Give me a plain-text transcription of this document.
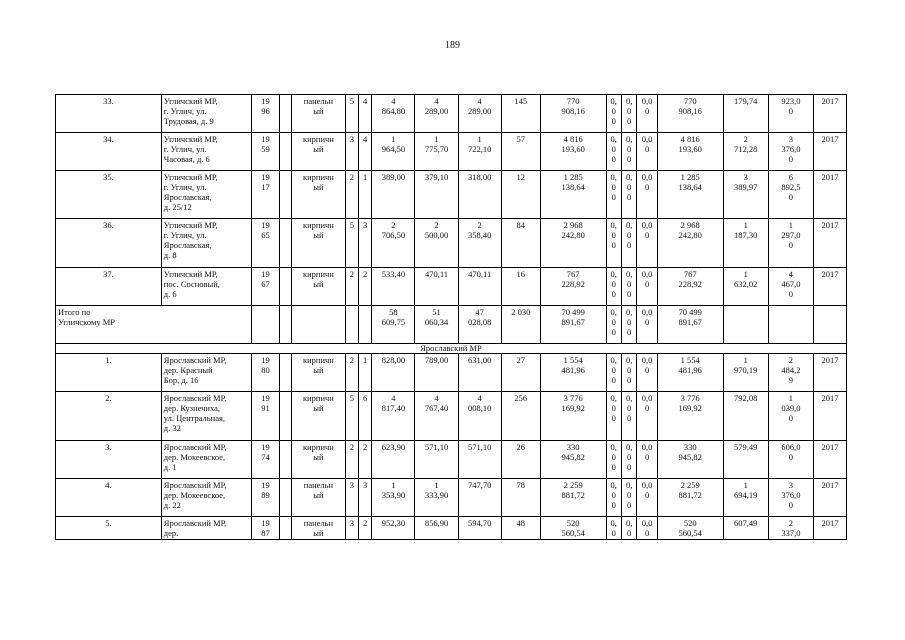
189
33.	Угличский МР,
г. Углич, ул.
Трудовая, д. 9	19
96		панельн
ый	5	4	4
864,80	4
289,00	4
289,00	145	770
908,16	0,
0
0	0,
0
0	0,0
0	770
908,16	179,74	923,0
0	2017
34.	Угличский МР,
г. Углич, ул.
Часовая, д. 6	19
59		кирпичн
ый	3	4	1
964,50	1
775,70	1
722,10	57	4 816
193,60	0,
0
0	0,
0
0	0,0
0	4 816
193,60	2
712,28	3
376,0
0	2017
35.	Угличский МР,
г. Углич, ул.
Ярославская,
д. 25/12	19
17		кирпичн
ый	2	1	389,00	379,10	318,00	12	1 285
138,64	0,
0
0	0,
0
0	0,0
0	1 285
138,64	3
389,97	6
892,5
0	2017
36.	Угличский МР,
г. Углич, ул.
Ярославская,
д. 8	19
65		кирпичн
ый	5	3	2
706,50	2
500,00	2
358,40	84	2 968
242,80	0,
0
0	0,
0
0	0,0
0	2 968
242,80	1
187,30	1
297,0
0	2017
37.	Угличский МР,
пос. Сосновый,
д. 6	19
67		кирпичн
ый	2	2	533,40	470,11	470,11	16	767
228,92	0,
0
0	0,
0
0	0,0
0	767
228,92	1
632,02	4
467,0
0	2017
Итого по
Угличскому МР							58
609,75	51
060,34	47
028,08	2 030	70 499
891,67	0,
0
0	0,
0
0	0,0
0	70 499
891,67			
Ярославский МР																		
1.	Ярославский МР,
дер. Красный
Бор, д. 16	19
80		кирпичн
ый	2	1	828,00	789,00	631,00	27	1 554
481,96	0,
0
0	0,
0
0	0,0
0	1 554
481,96	1
970,19	2
484,2
9	2017
2.	Ярославский МР,
дер. Кузнечиха,
ул. Центральная,
д. 32	19
91		кирпичн
ый	5	6	4
817,40	4
767,40	4
008,10	256	3 776
169,92	0,
0
0	0,
0
0	0,0
0	3 776
169,92	792,08	1
039,0
0	2017
3.	Ярославский МР,
дер. Мокеевское,
д. 1	19
74		кирпичн
ый	2	2	623,90	571,10	571,10	26	330
945,82	0,
0
0	0,
0
0	0,0
0	330
945,82	579,49	606,0
0	2017
4.	Ярославский МР,
дер. Мокеевское,
д. 22	19
89		панельн
ый	3	3	1
353,90	1
333,90	747,70	78	2 259
881,72	0,
0
0	0,
0
0	0,0
0	2 259
881,72	1
694,19	3
376,0
0	2017
5.	Ярославский МР,
дер.	19
87		панельн
ый	3	2	952,30	856,90	594,70	48	520
560,54	0,
0	0,
0	0,0
0	520
560,54	607,49	2
337,0	2017
